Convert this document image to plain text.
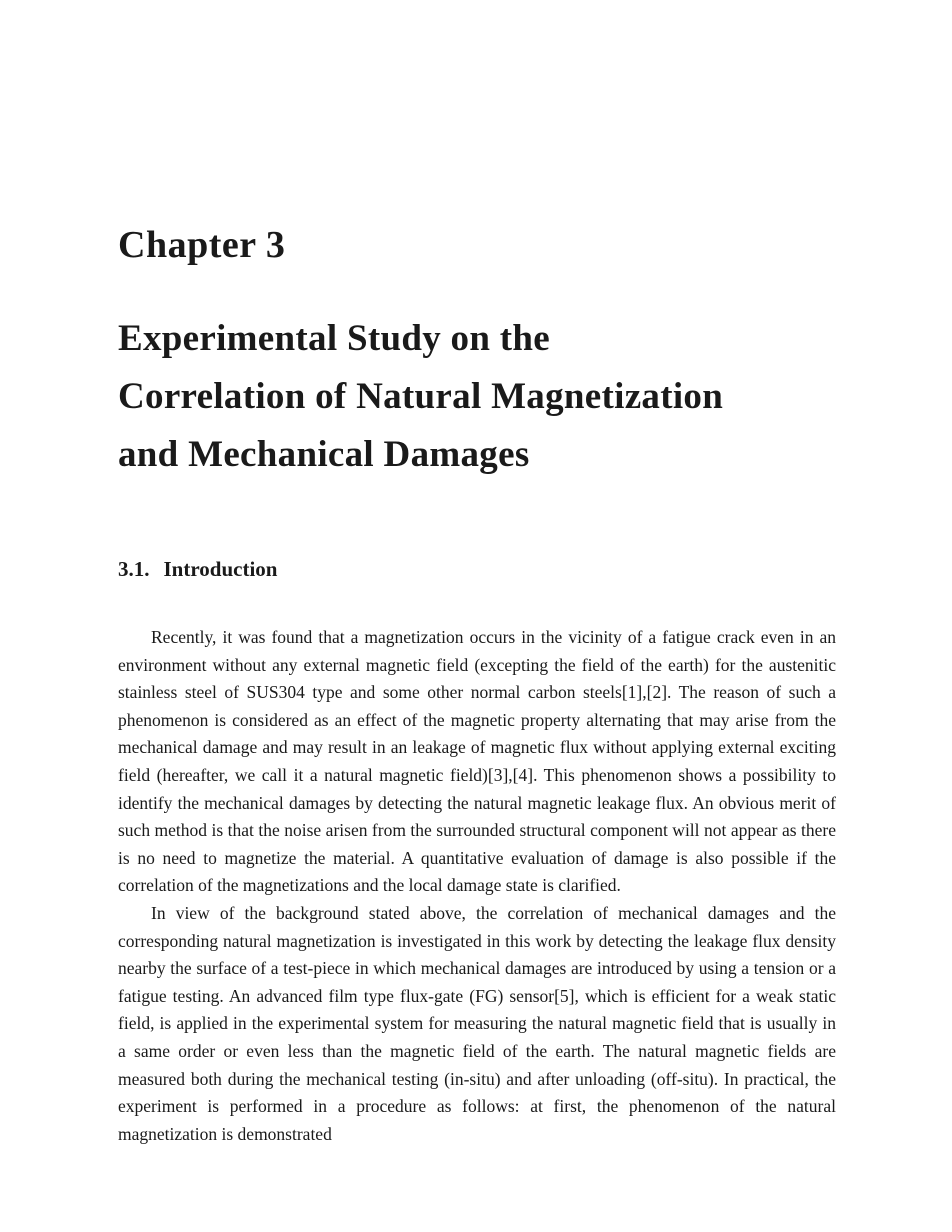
Chapter 3
Experimental Study on the
Correlation of Natural Magnetization
and Mechanical Damages
3.1. Introduction

Recently, it was found that a magnetization occurs in the vicinity of a fatigue crack even in an environment without any external magnetic field (excepting the field of the earth) for the austenitic stainless steel of SUS304 type and some other normal carbon steels[1],[2]. The reason of such a phenomenon is considered as an effect of the magnetic property alternating that may arise from the mechanical damage and may result in an leakage of magnetic flux without applying external exciting field (hereafter, we call it a natural magnetic field)[3],[4]. This phenomenon shows a possibility to identify the mechanical damages by detecting the natural magnetic leakage flux. An obvious merit of such method is that the noise arisen from the surrounded structural component will not appear as there is no need to magnetize the material. A quantitative evaluation of damage is also possible if the correlation of the magnetizations and the local damage state is clarified.

In view of the background stated above, the correlation of mechanical damages and the corresponding natural magnetization is investigated in this work by detecting the leakage flux density nearby the surface of a test-piece in which mechanical damages are introduced by using a tension or a fatigue testing. An advanced film type flux-gate (FG) sensor[5], which is efficient for a weak static field, is applied in the experimental system for measuring the natural magnetic field that is usually in a same order or even less than the magnetic field of the earth. The natural magnetic fields are measured both during the mechanical testing (in-situ) and after unloading (off-situ). In practical, the experiment is performed in a procedure as follows: at first, the phenomenon of the natural magnetization is demonstrated
